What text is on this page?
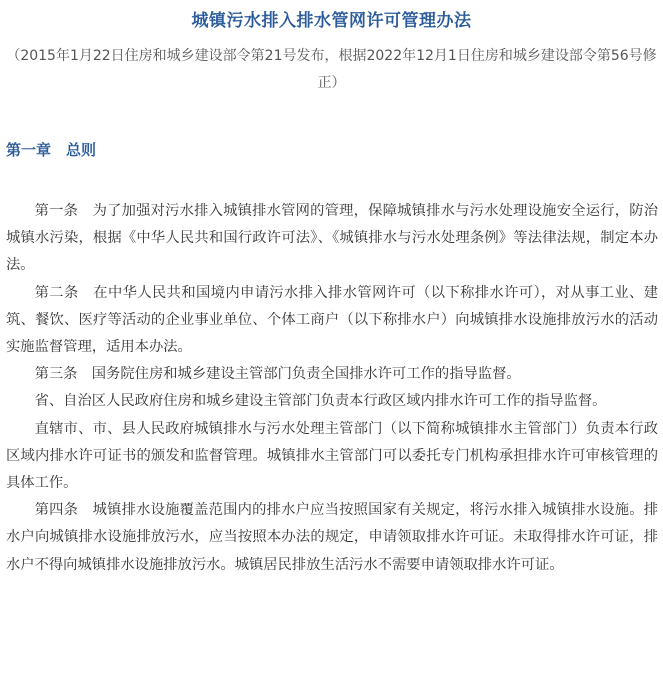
城镇污水排入排水管网许可管理办法
（2015年1月22日住房和城乡建设部令第21号发布，根据2022年12月1日住房和城乡建设部令第56号修正）
第一章　总则

第一条　为了加强对污水排入城镇排水管网的管理，保障城镇排水与污水处理设施安全运行，防治城镇水污染，根据《中华人民共和国行政许可法》、《城镇排水与污水处理条例》等法律法规，制定本办法。

第二条　在中华人民共和国境内申请污水排入排水管网许可（以下称排水许可），对从事工业、建筑、餐饮、医疗等活动的企业事业单位、个体工商户（以下称排水户）向城镇排水设施排放污水的活动实施监督管理，适用本办法。

第三条　国务院住房和城乡建设主管部门负责全国排水许可工作的指导监督。

省、自治区人民政府住房和城乡建设主管部门负责本行政区域内排水许可工作的指导监督。

直辖市、市、县人民政府城镇排水与污水处理主管部门（以下简称城镇排水主管部门）负责本行政区域内排水许可证书的颁发和监督管理。城镇排水主管部门可以委托专门机构承担排水许可审核管理的具体工作。

第四条　城镇排水设施覆盖范围内的排水户应当按照国家有关规定，将污水排入城镇排水设施。排水户向城镇排水设施排放污水，应当按照本办法的规定，申请领取排水许可证。未取得排水许可证，排水户不得向城镇排水设施排放污水。城镇居民排放生活污水不需要申请领取排水许可证。
